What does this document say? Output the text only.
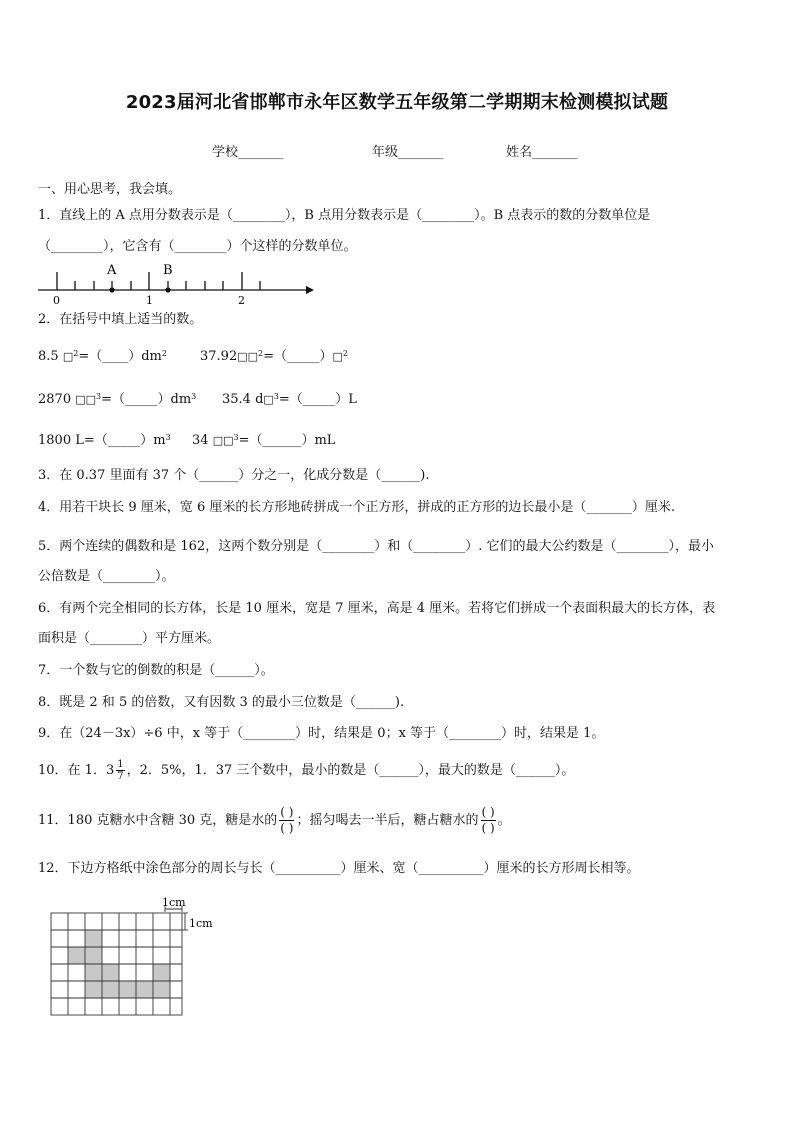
2023届河北省邯郸市永年区数学五年级第二学期期末检测模拟试题
学校_______	年级_______	姓名_______
一、用心思考，我会填。
1．直线上的 A 点用分数表示是（________），B 点用分数表示是（________）。B 点表示的数的分数单位是
（________），它含有（________）个这样的分数单位。
A	B
0	1	2
2．在括号中填上适当的数。
8.5 $□^2=(\_\_\_\_)dm^2$	37.92□□$^2$=（_____）□$^2$
2870 $□□^3=(\_\_\_\_\_)dm^3$ 35.4 d□$^3$=（_____）L
1800 $L=(\_\_\_\_\_)m^3$ 34 □□$^3$=（______）mL
3．在 0.37 里面有 37 个（______）分之一，化成分数是（______).
4．用若干块长 9 厘米，宽 6 厘米的长方形地砖拼成一个正方形，拼成的正方形的边长最小是（_______）厘米.
5．两个连续的偶数和是 162，这两个数分别是（________）和（________）. 它们的最大公约数是（________），最小
公倍数是（________）。
6．有两个完全相同的长方体，长是 10 厘米，宽是 7 厘米，高是 4 厘米。若将它们拼成一个表面积最大的长方体，表
面积是（________）平方厘米。
7．一个数与它的倒数的积是（______）。
8．既是 2 和 5 的倍数，又有因数 3 的最小三位数是（______).
9．在（24－3x）÷6 中，x 等于（________）时，结果是 0；x 等于（________）时，结果是 1。
10．在 1．$3 \frac{1}{7}$ ，2．5%，1．37 三个数中，最小的数是（______），最大的数是（______）。
11．180 克糖水中含糖 30 克，糖是水的 $\frac{( )}{( )}$ ；摇匀喝去一半后，糖占糖水的 $\frac{( )}{( )}$ 。
12．下边方格纸中涂色部分的周长与长（__________）厘米、宽（__________）厘米的长方形周长相等。
1cm
1cm
